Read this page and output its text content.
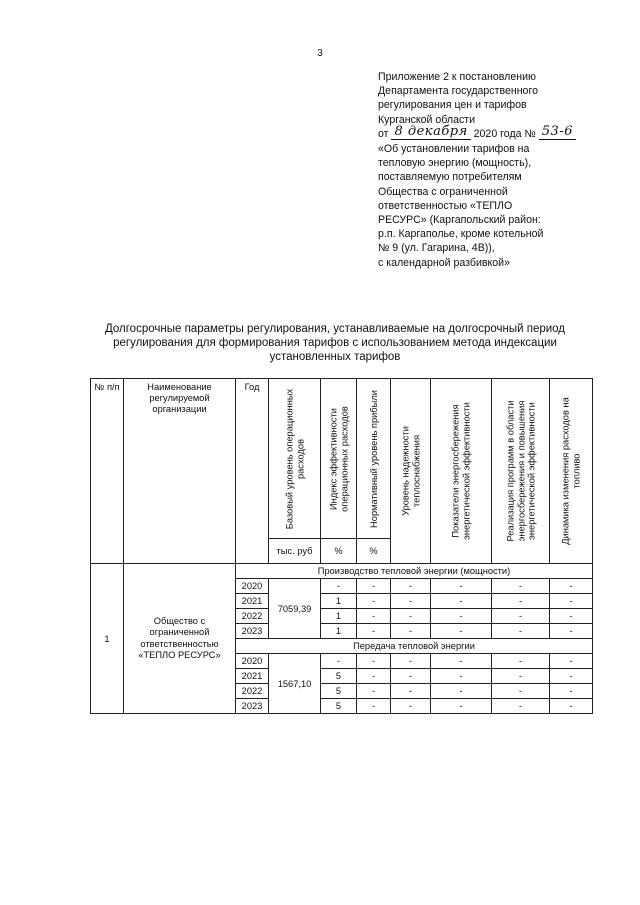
3
Приложение 2 к постановлению
Департамента государственного
регулирования цен и тарифов
Курганской области
от 8 декабря 2020 года № 53-6
«Об установлении тарифов на
тепловую энергию (мощность),
поставляемую потребителям
Общества с ограниченной
ответственностью «ТЕПЛО
РЕСУРС» (Каргапольский район:
р.п. Каргаполье, кроме котельной
№ 9 (ул. Гагарина, 4В)),
с календарной разбивкой»
Долгосрочные параметры регулирования, устанавливаемые на долгосрочный период
регулирования для формирования тарифов с использованием метода индексации
установленных тарифов
№ п/п	Наименование регулируемой организации	Год	Базовый уровень операционных расходов	Индекс эффективности операционных расходов	Нормативный уровень прибыли	Уровень надежности теплоснабжения	Показатели энергосбережения энергетической эффективности	Реализация программ в области энергосбережения и повышения энергетической эффективности	Динамика изменения расходов на топливо

			тыс. руб	%	%				
1	Общество с ограниченной ответственностью «ТЕПЛО РЕСУРС»	Производство тепловой энергии (мощности)							
		2020	7059,39	-	-	-	-	-	-
		2021		1	-	-	-	-	-
		2022		1	-	-	-	-	-
		2023		1	-	-	-	-	-
		Передача тепловой энергии							
		2020	1567,10	-	-	-	-	-	-
		2021		5	-	-	-	-	-
		2022		5	-	-	-	-	-
		2023		5	-	-	-	-	-
